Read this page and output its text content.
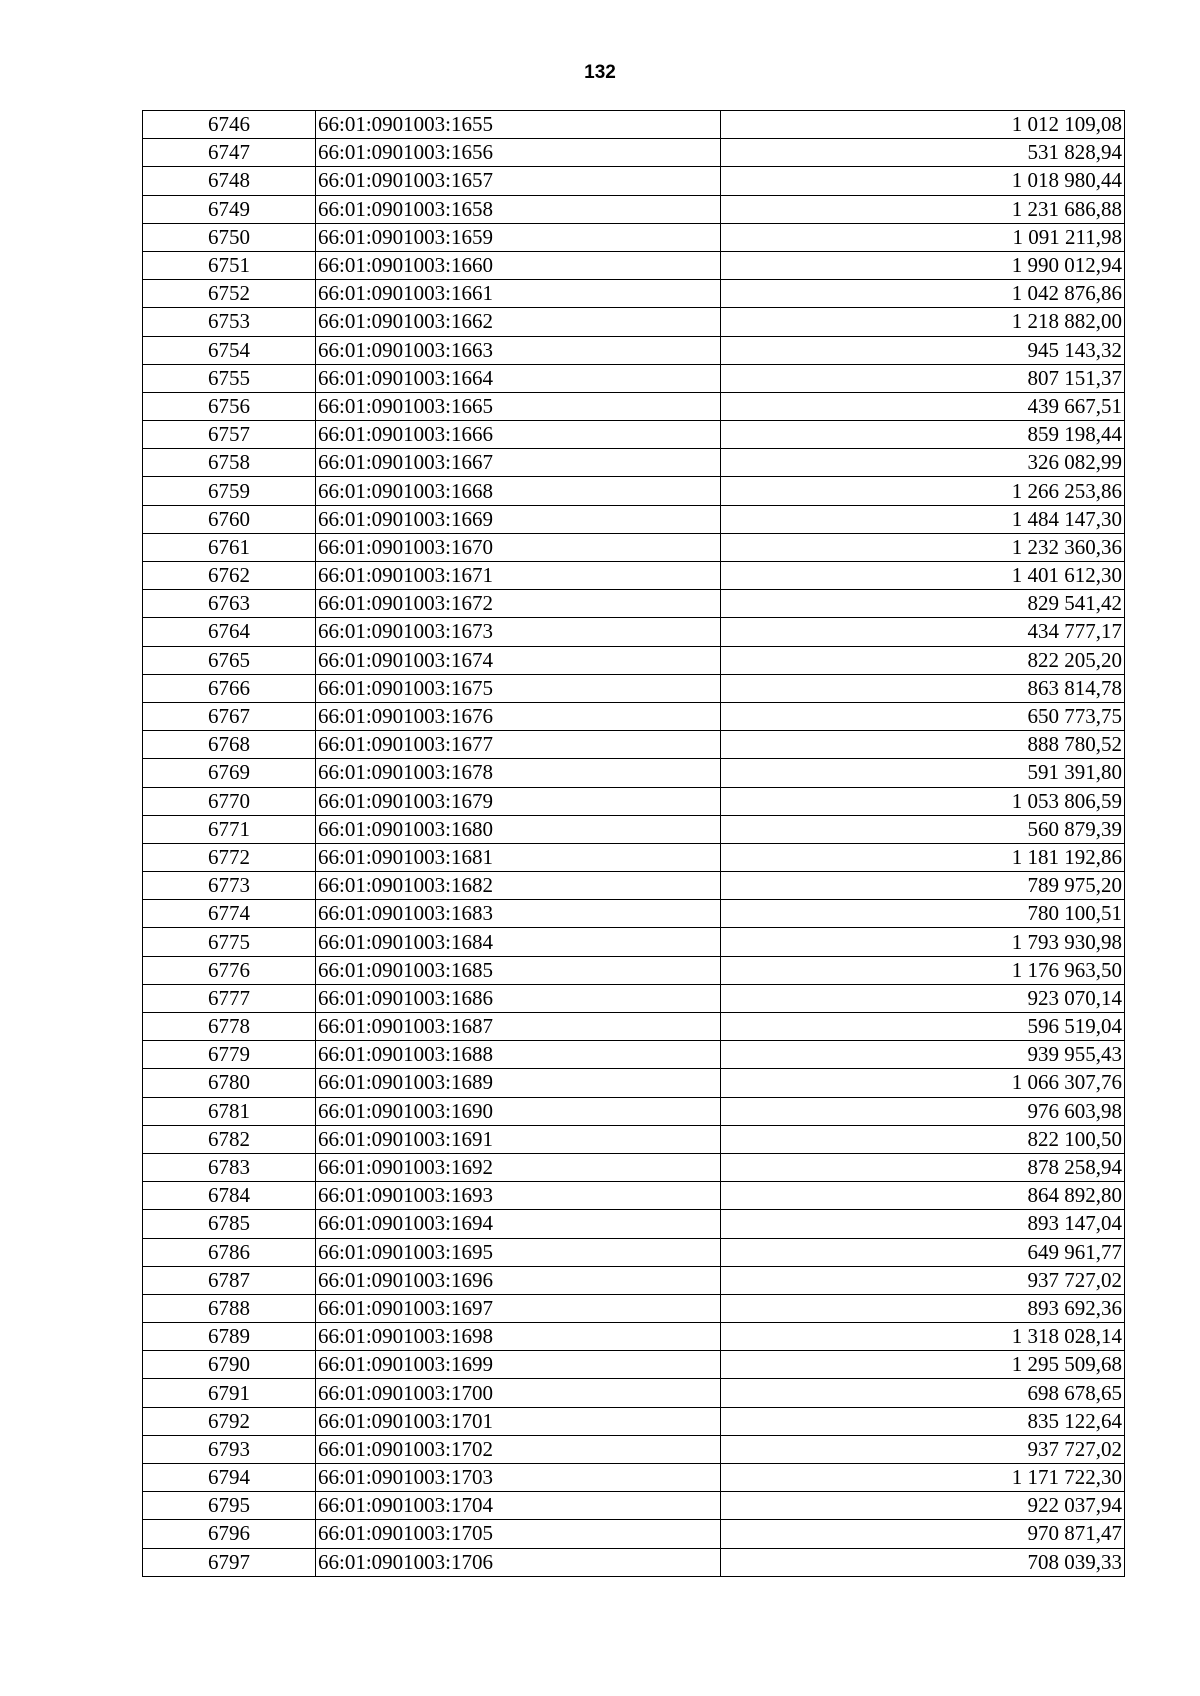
132
6746	66:01:0901003:1655	1 012 109,08
6747	66:01:0901003:1656	531 828,94
6748	66:01:0901003:1657	1 018 980,44
6749	66:01:0901003:1658	1 231 686,88
6750	66:01:0901003:1659	1 091 211,98
6751	66:01:0901003:1660	1 990 012,94
6752	66:01:0901003:1661	1 042 876,86
6753	66:01:0901003:1662	1 218 882,00
6754	66:01:0901003:1663	945 143,32
6755	66:01:0901003:1664	807 151,37
6756	66:01:0901003:1665	439 667,51
6757	66:01:0901003:1666	859 198,44
6758	66:01:0901003:1667	326 082,99
6759	66:01:0901003:1668	1 266 253,86
6760	66:01:0901003:1669	1 484 147,30
6761	66:01:0901003:1670	1 232 360,36
6762	66:01:0901003:1671	1 401 612,30
6763	66:01:0901003:1672	829 541,42
6764	66:01:0901003:1673	434 777,17
6765	66:01:0901003:1674	822 205,20
6766	66:01:0901003:1675	863 814,78
6767	66:01:0901003:1676	650 773,75
6768	66:01:0901003:1677	888 780,52
6769	66:01:0901003:1678	591 391,80
6770	66:01:0901003:1679	1 053 806,59
6771	66:01:0901003:1680	560 879,39
6772	66:01:0901003:1681	1 181 192,86
6773	66:01:0901003:1682	789 975,20
6774	66:01:0901003:1683	780 100,51
6775	66:01:0901003:1684	1 793 930,98
6776	66:01:0901003:1685	1 176 963,50
6777	66:01:0901003:1686	923 070,14
6778	66:01:0901003:1687	596 519,04
6779	66:01:0901003:1688	939 955,43
6780	66:01:0901003:1689	1 066 307,76
6781	66:01:0901003:1690	976 603,98
6782	66:01:0901003:1691	822 100,50
6783	66:01:0901003:1692	878 258,94
6784	66:01:0901003:1693	864 892,80
6785	66:01:0901003:1694	893 147,04
6786	66:01:0901003:1695	649 961,77
6787	66:01:0901003:1696	937 727,02
6788	66:01:0901003:1697	893 692,36
6789	66:01:0901003:1698	1 318 028,14
6790	66:01:0901003:1699	1 295 509,68
6791	66:01:0901003:1700	698 678,65
6792	66:01:0901003:1701	835 122,64
6793	66:01:0901003:1702	937 727,02
6794	66:01:0901003:1703	1 171 722,30
6795	66:01:0901003:1704	922 037,94
6796	66:01:0901003:1705	970 871,47
6797	66:01:0901003:1706	708 039,33
